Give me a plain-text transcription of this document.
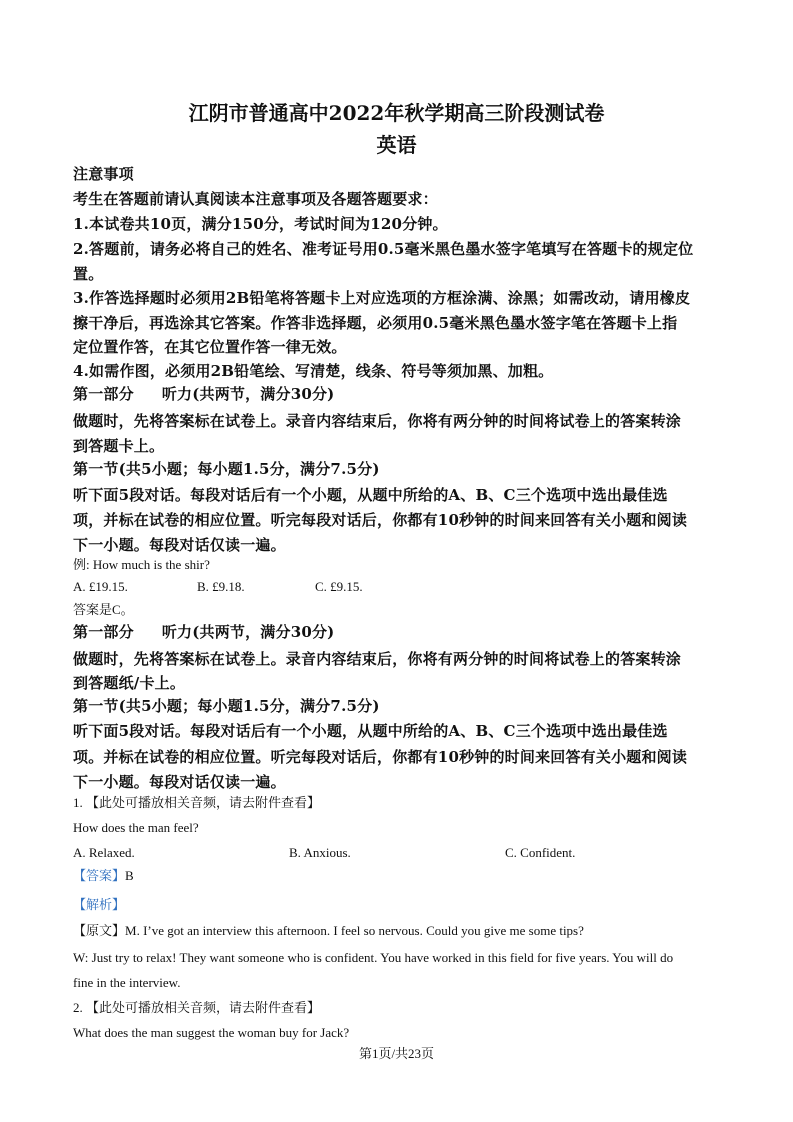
江阴市普通高中2022年秋学期高三阶段测试卷
英语
注意事项
考生在答题前请认真阅读本注意事项及各题答题要求：
1.本试卷共10页，满分150分，考试时间为120分钟。
2.答题前，请务必将自己的姓名、准考证号用0.5毫米黑色墨水签字笔填写在答题卡的规定位
置。
3.作答选择题时必须用2B铅笔将答题卡上对应选项的方框涂满、涂黑；如需改动，请用橡皮
擦干净后，再选涂其它答案。作答非选择题，必须用0.5毫米黑色墨水签字笔在答题卡上指
定位置作答，在其它位置作答一律无效。
4.如需作图，必须用2B铅笔绘、写清楚，线条、符号等须加黑、加粗。
第一部分 听力(共两节，满分30分)
做题时，先将答案标在试卷上。录音内容结束后，你将有两分钟的时间将试卷上的答案转涂
到答题卡上。
第一节(共5小题；每小题1.5分，满分7.5分)
听下面5段对话。每段对话后有一个小题，从题中所给的A、B、C三个选项中选出最佳选
项，并标在试卷的相应位置。听完每段对话后，你都有10秒钟的时间来回答有关小题和阅读
下一小题。每段对话仅读一遍。
例: How much is the shir?
A. £19.15.	B. £9.18.	C. £9.15.
答案是C。
第一部分 听力(共两节，满分30分)
做题时，先将答案标在试卷上。录音内容结束后，你将有两分钟的时间将试卷上的答案转涂
到答题纸/卡上。
第一节(共5小题；每小题1.5分，满分7.5分)
听下面5段对话。每段对话后有一个小题，从题中所给的A、B、C三个选项中选出最佳选
项。并标在试卷的相应位置。听完每段对话后，你都有10秒钟的时间来回答有关小题和阅读
下一小题。每段对话仅读一遍。
1. 【此处可播放相关音频，请去附件查看】
How does the man feel?
A. Relaxed.	B. Anxious.	C. Confident.
【答案】B
【解析】
【原文】M. I’ve got an interview this afternoon. I feel so nervous. Could you give me some tips?
W: Just try to relax! They want someone who is confident. You have worked in this field for five years. You will do
fine in the interview.
2. 【此处可播放相关音频，请去附件查看】
What does the man suggest the woman buy for Jack?
第1页/共23页
